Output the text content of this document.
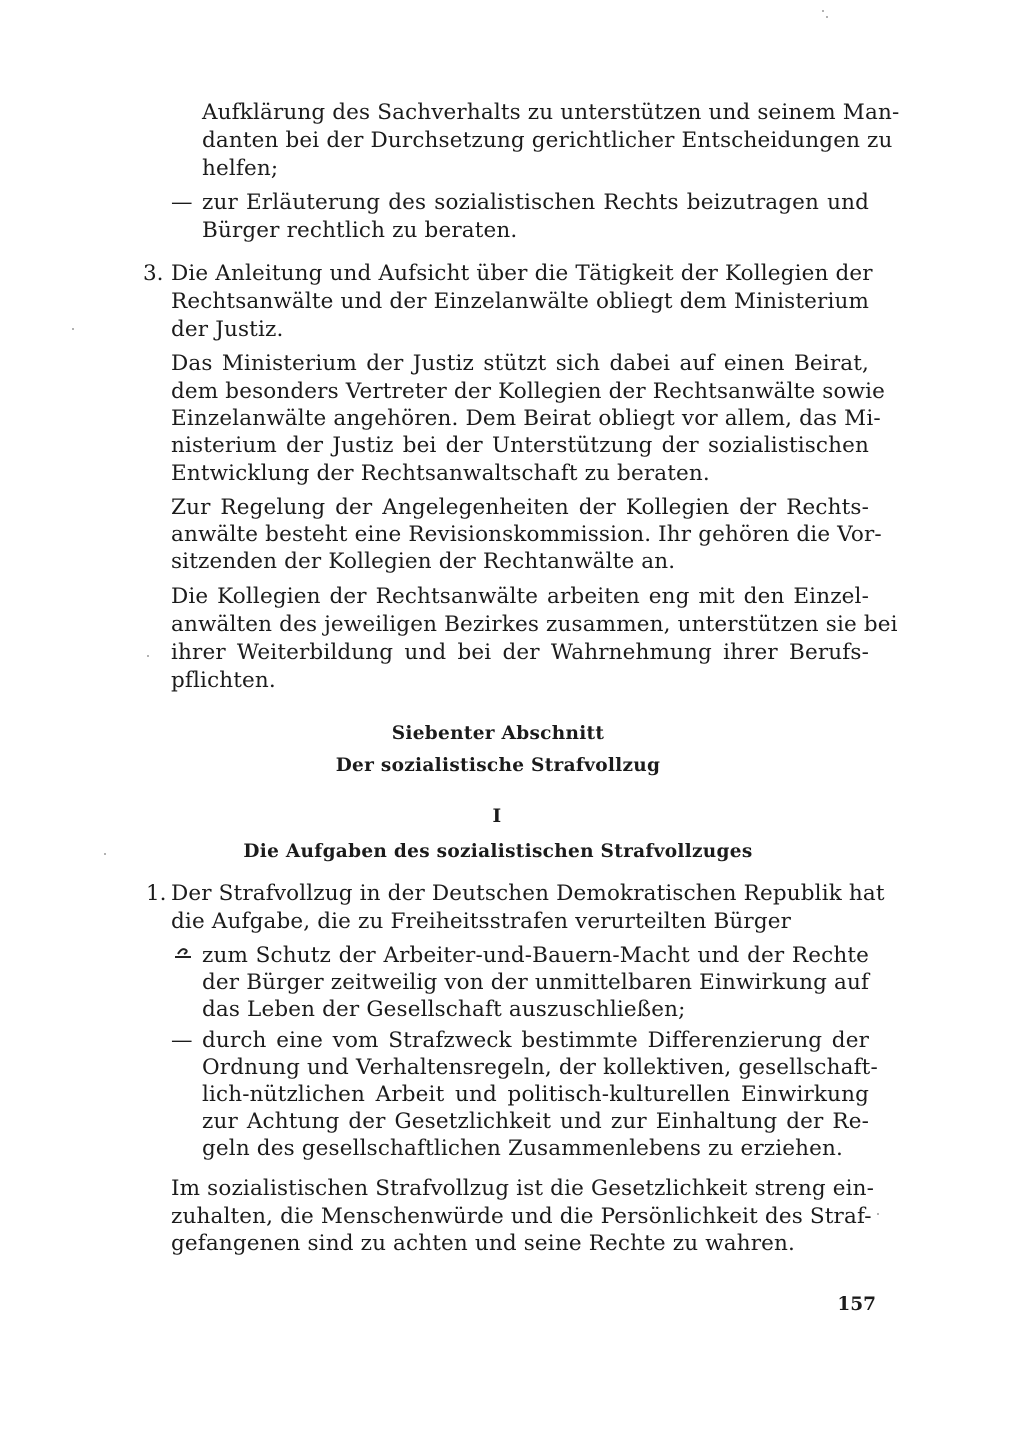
Aufklärung des Sachverhalts zu unterstützen und seinem Man-
danten bei der Durchsetzung gerichtlicher Entscheidungen zu
helfen;
— zur Erläuterung des sozialistischen Rechts beizutragen und
Bürger rechtlich zu beraten.
3. Die Anleitung und Aufsicht über die Tätigkeit der Kollegien der
Rechtsanwälte und der Einzelanwälte obliegt dem Ministerium
der Justiz.
Das Ministerium der Justiz stützt sich dabei auf einen Beirat,
dem besonders Vertreter der Kollegien der Rechtsanwälte sowie
Einzelanwälte angehören. Dem Beirat obliegt vor allem, das Mi-
nisterium der Justiz bei der Unterstützung der sozialistischen
Entwicklung der Rechtsanwaltschaft zu beraten.
Zur Regelung der Angelegenheiten der Kollegien der Rechts-
anwälte besteht eine Revisionskommission. Ihr gehören die Vor-
sitzenden der Kollegien der Rechtanwälte an.
Die Kollegien der Rechtsanwälte arbeiten eng mit den Einzel-
anwälten des jeweiligen Bezirkes zusammen, unterstützen sie bei
ihrer Weiterbildung und bei der Wahrnehmung ihrer Berufs-
pflichten.
Siebenter Abschnitt
Der sozialistische Strafvollzug
I
Die Aufgaben des sozialistischen Strafvollzuges
1. Der Strafvollzug in der Deutschen Demokratischen Republik hat
die Aufgabe, die zu Freiheitsstrafen verurteilten Bürger
zum Schutz der Arbeiter-und-Bauern-Macht und der Rechte
der Bürger zeitweilig von der unmittelbaren Einwirkung auf
das Leben der Gesellschaft auszuschließen;
— durch eine vom Strafzweck bestimmte Differenzierung der
Ordnung und Verhaltensregeln, der kollektiven, gesellschaft-
lich-nützlichen Arbeit und politisch-kulturellen Einwirkung
zur Achtung der Gesetzlichkeit und zur Einhaltung der Re-
geln des gesellschaftlichen Zusammenlebens zu erziehen.
Im sozialistischen Strafvollzug ist die Gesetzlichkeit streng ein-
zuhalten, die Menschenwürde und die Persönlichkeit des Straf-
gefangenen sind zu achten und seine Rechte zu wahren.
157
